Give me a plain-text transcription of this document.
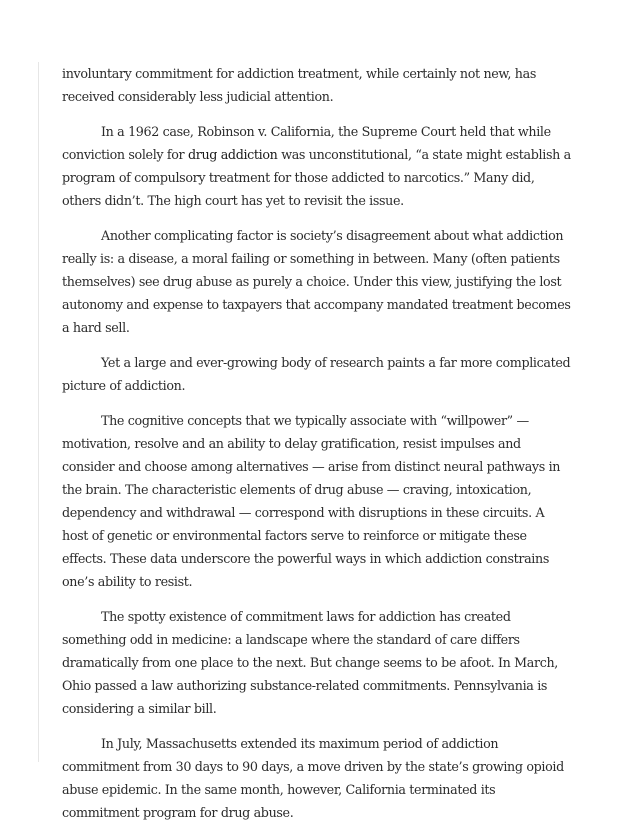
involuntary commitment for addiction treatment, while certainly not new, has received considerably less judicial attention.

In a 1962 case, Robinson v. California, the Supreme Court held that while conviction solely for drug addiction was unconstitutional, “a state might establish a program of compulsory treatment for those addicted to narcotics.” Many did, others didn’t. The high court has yet to revisit the issue.

Another complicating factor is society’s disagreement about what addiction really is: a disease, a moral failing or something in between. Many (often patients themselves) see drug abuse as purely a choice. Under this view, justifying the lost autonomy and expense to taxpayers that accompany mandated treatment becomes a hard sell.

Yet a large and ever-growing body of research paints a far more complicated picture of addiction.

The cognitive concepts that we typically associate with “willpower” — motivation, resolve and an ability to delay gratification, resist impulses and consider and choose among alternatives — arise from distinct neural pathways in the brain. The characteristic elements of drug abuse — craving, intoxication, dependency and withdrawal — correspond with disruptions in these circuits. A host of genetic or environmental factors serve to reinforce or mitigate these effects. These data underscore the powerful ways in which addiction constrains one’s ability to resist.

The spotty existence of commitment laws for addiction has created something odd in medicine: a landscape where the standard of care differs dramatically from one place to the next. But change seems to be afoot. In March, Ohio passed a law authorizing substance-related commitments. Pennsylvania is considering a similar bill.

In July, Massachusetts extended its maximum period of addiction commitment from 30 days to 90 days, a move driven by the state’s growing opioid abuse epidemic. In the same month, however, California terminated its commitment program for drug abuse.
